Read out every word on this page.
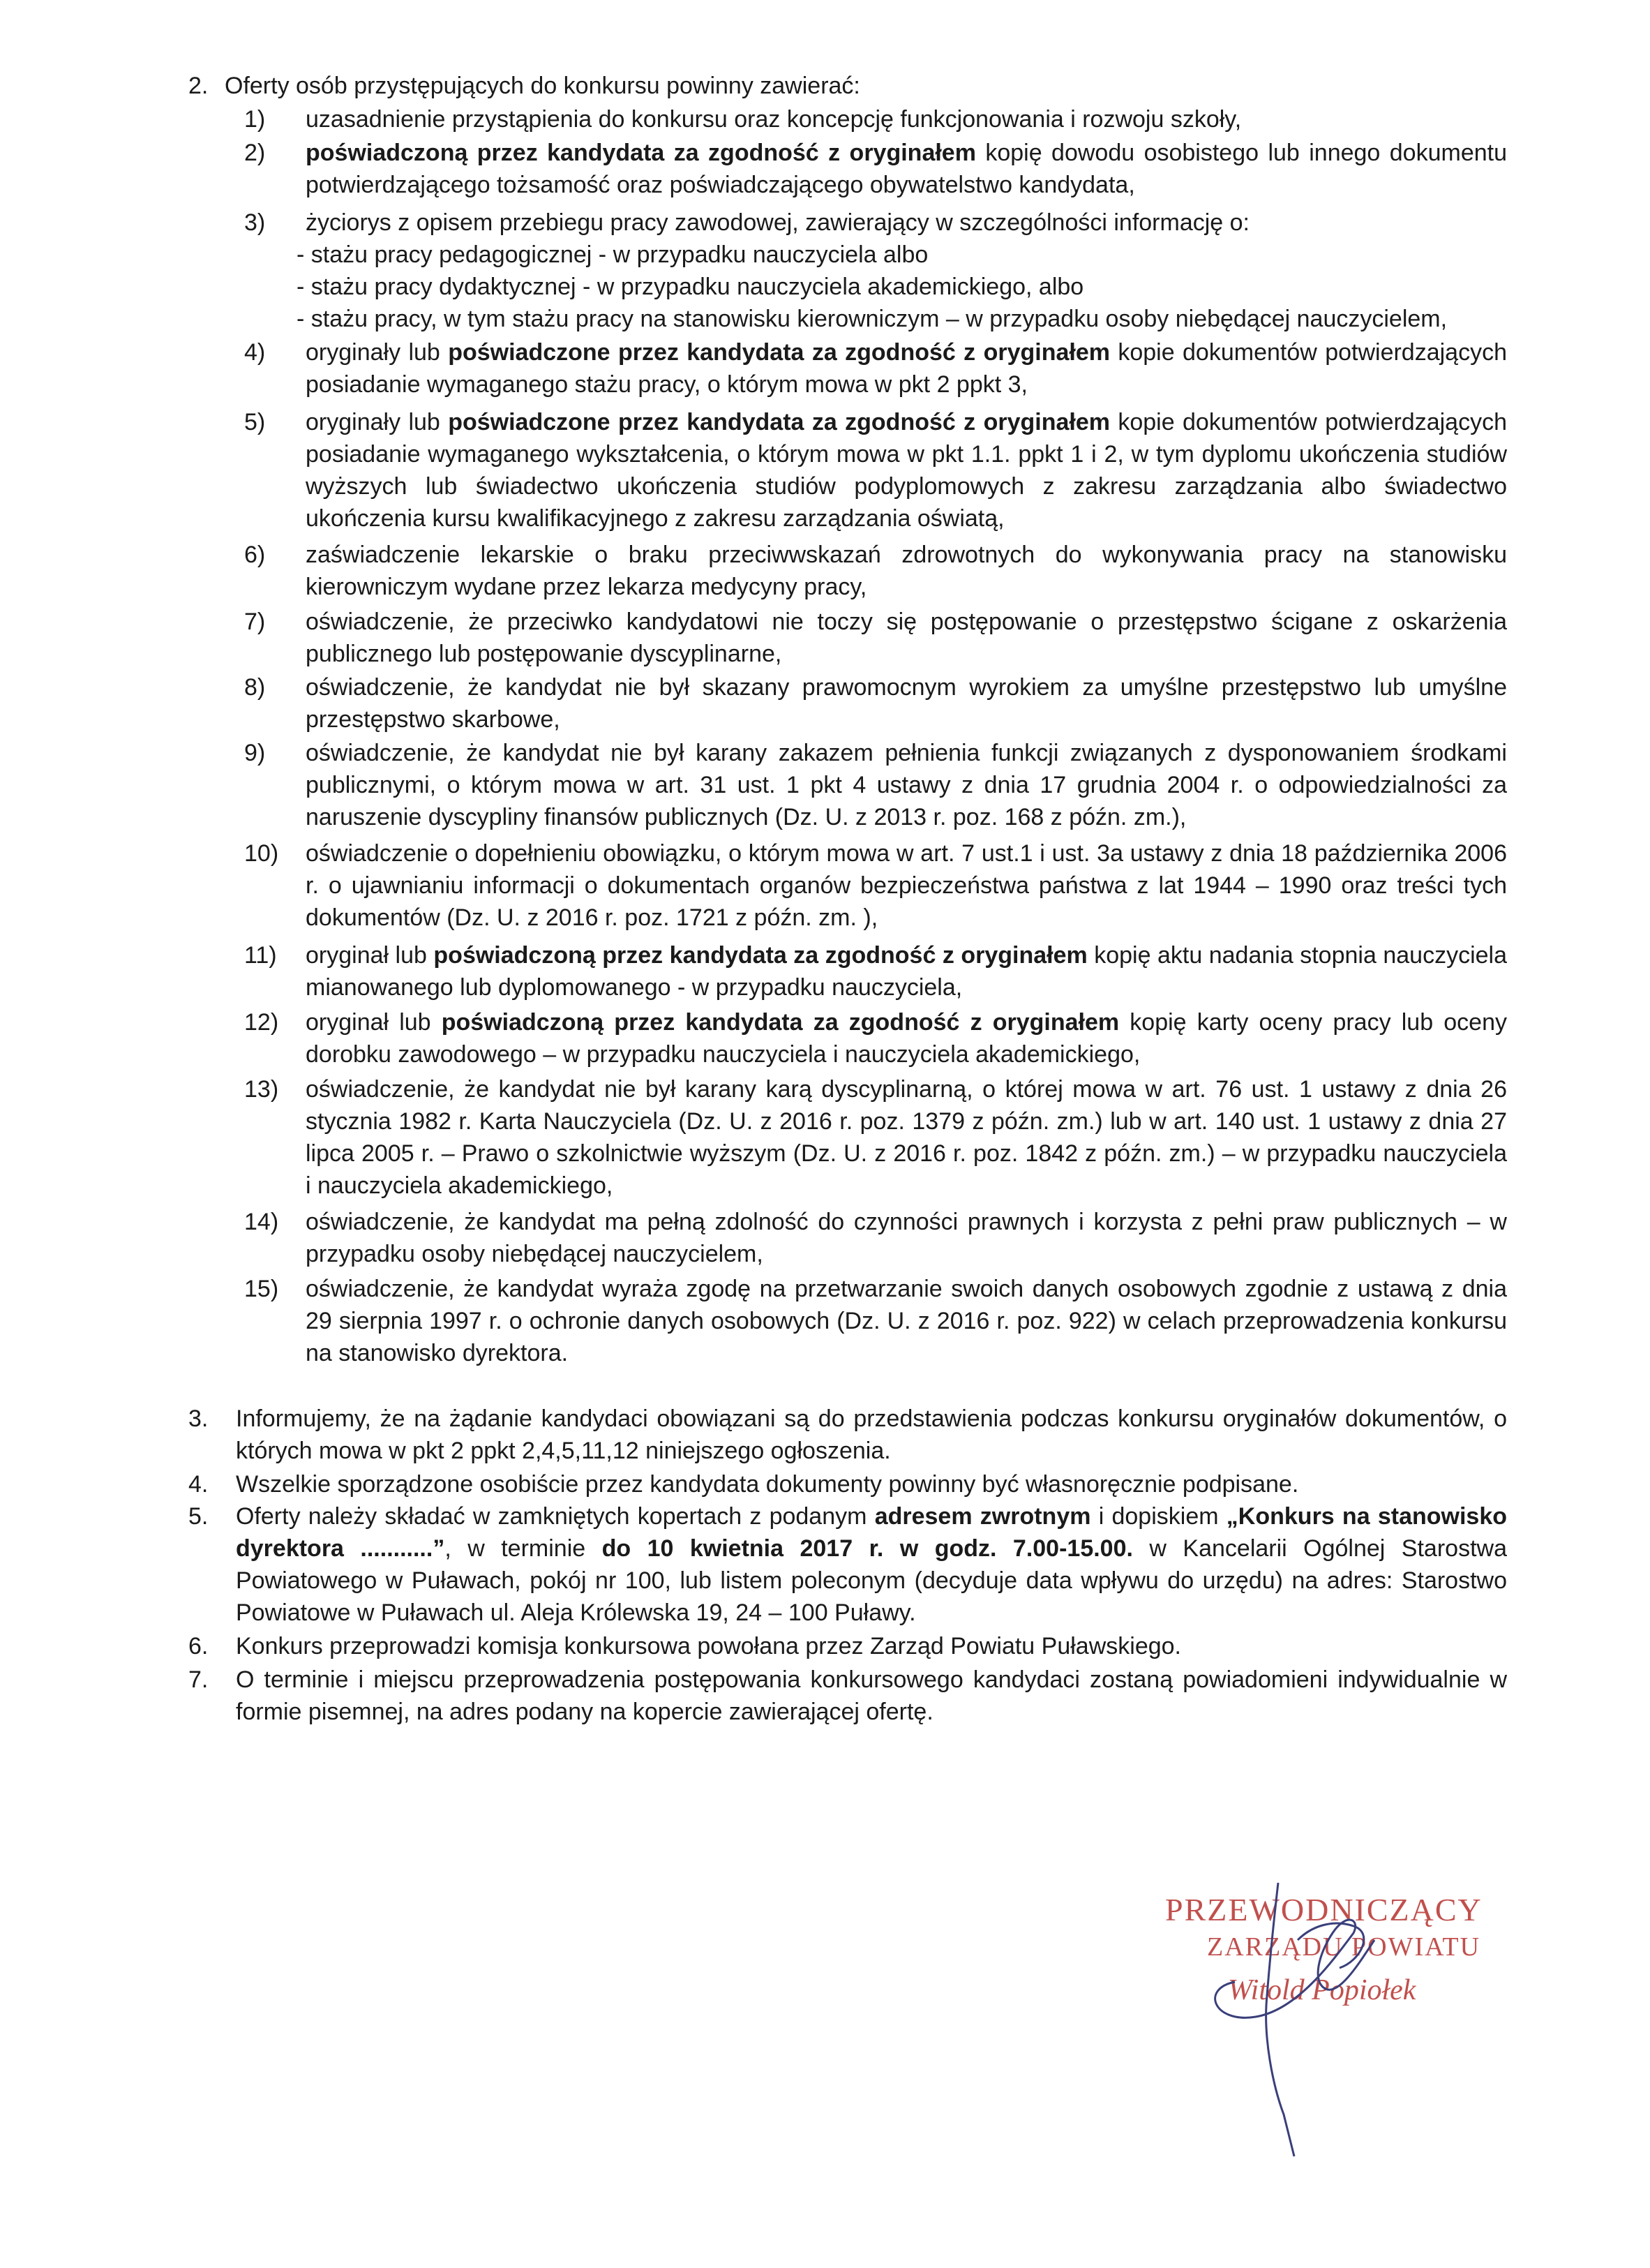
2. Oferty osób przystępujących do konkursu powinny zawierać:
1)	uzasadnienie przystąpienia do konkursu oraz koncepcję funkcjonowania i rozwoju szkoły,
2)	poświadczoną przez kandydata za zgodność z oryginałem kopię dowodu osobistego lub innego dokumentu potwierdzającego tożsamość oraz poświadczającego obywatelstwo kandydata,
3)	życiorys z opisem przebiegu pracy zawodowej, zawierający w szczególności informację o:
- stażu pracy pedagogicznej - w przypadku nauczyciela albo
- stażu pracy dydaktycznej - w przypadku nauczyciela akademickiego, albo
- stażu pracy, w tym stażu pracy na stanowisku kierowniczym – w przypadku osoby niebędącej nauczycielem,
4)	oryginały lub poświadczone przez kandydata za zgodność z oryginałem kopie dokumentów potwierdzających posiadanie wymaganego stażu pracy, o którym mowa w pkt 2 ppkt 3,
5)	oryginały lub poświadczone przez kandydata za zgodność z oryginałem kopie dokumentów potwierdzających posiadanie wymaganego wykształcenia, o którym mowa w pkt 1.1. ppkt 1 i 2, w tym dyplomu ukończenia studiów wyższych lub świadectwo ukończenia studiów podyplomowych z zakresu zarządzania albo świadectwo ukończenia kursu kwalifikacyjnego z zakresu zarządzania oświatą,
6)	zaświadczenie lekarskie o braku przeciwwskazań zdrowotnych do wykonywania pracy na stanowisku kierowniczym wydane przez lekarza medycyny pracy,
7)	oświadczenie, że przeciwko kandydatowi nie toczy się postępowanie o przestępstwo ścigane z oskarżenia publicznego lub postępowanie dyscyplinarne,
8)	oświadczenie, że kandydat nie był skazany prawomocnym wyrokiem za umyślne przestępstwo lub umyślne przestępstwo skarbowe,
9)	oświadczenie, że kandydat nie był karany zakazem pełnienia funkcji związanych z dysponowaniem środkami publicznymi, o którym mowa w art. 31 ust. 1 pkt 4 ustawy z dnia 17 grudnia 2004 r. o odpowiedzialności za naruszenie dyscypliny finansów publicznych (Dz. U. z 2013 r. poz. 168 z późn. zm.),
10)	oświadczenie o dopełnieniu obowiązku, o którym mowa w art. 7 ust.1 i ust. 3a ustawy z dnia 18 października 2006 r. o ujawnianiu informacji o dokumentach organów bezpieczeństwa państwa z lat 1944 – 1990 oraz treści tych dokumentów (Dz. U. z 2016 r. poz. 1721 z późn. zm. ),
11)	oryginał lub poświadczoną przez kandydata za zgodność z oryginałem kopię aktu nadania stopnia nauczyciela mianowanego lub dyplomowanego - w przypadku nauczyciela,
12)	oryginał lub poświadczoną przez kandydata za zgodność z oryginałem kopię karty oceny pracy lub oceny dorobku zawodowego – w przypadku nauczyciela i nauczyciela akademickiego,
13)	oświadczenie, że kandydat nie był karany karą dyscyplinarną, o której mowa w art. 76 ust. 1 ustawy z dnia 26 stycznia 1982 r. Karta Nauczyciela (Dz. U. z 2016 r. poz. 1379 z późn. zm.) lub w art. 140 ust. 1 ustawy z dnia 27 lipca 2005 r. – Prawo o szkolnictwie wyższym (Dz. U. z 2016 r. poz. 1842 z późn. zm.) – w przypadku nauczyciela i nauczyciela akademickiego,
14)	oświadczenie, że kandydat ma pełną zdolność do czynności prawnych i korzysta z pełni praw publicznych – w przypadku osoby niebędącej nauczycielem,
15)	oświadczenie, że kandydat wyraża zgodę na przetwarzanie swoich danych osobowych zgodnie z ustawą z dnia 29 sierpnia 1997 r. o ochronie danych osobowych (Dz. U. z 2016 r. poz. 922) w celach przeprowadzenia konkursu na stanowisko dyrektora.
3.	Informujemy, że na żądanie kandydaci obowiązani są do przedstawienia podczas konkursu oryginałów dokumentów, o których mowa w pkt 2 ppkt 2,4,5,11,12 niniejszego ogłoszenia.
4.	Wszelkie sporządzone osobiście przez kandydata dokumenty powinny być własnoręcznie podpisane.
5.	Oferty należy składać w zamkniętych kopertach z podanym adresem zwrotnym i dopiskiem „Konkurs na stanowisko dyrektora ...........”, w terminie do 10 kwietnia 2017 r. w godz. 7.00-15.00. w Kancelarii Ogólnej Starostwa Powiatowego w Puławach, pokój nr 100, lub listem poleconym (decyduje data wpływu do urzędu) na adres: Starostwo Powiatowe w Puławach ul. Aleja Królewska 19, 24 – 100 Puławy.
6.	Konkurs przeprowadzi komisja konkursowa powołana przez Zarząd Powiatu Puławskiego.
7.	O terminie i miejscu przeprowadzenia postępowania konkursowego kandydaci zostaną powiadomieni indywidualnie w formie pisemnej, na adres podany na kopercie zawierającej ofertę.
PRZEWODNICZĄCY
ZARZĄDU POWIATU
Witold Popiołek
